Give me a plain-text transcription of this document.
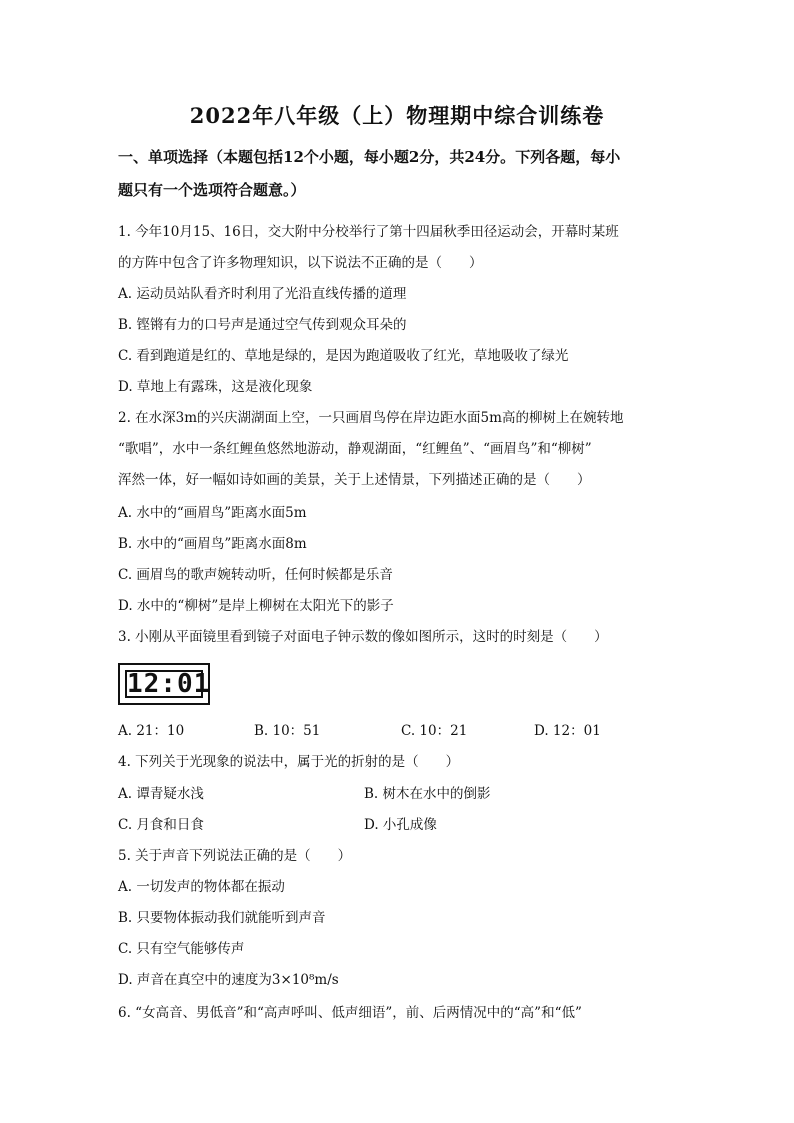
2022年八年级（上）物理期中综合训练卷
一、单项选择（本题包括12个小题，每小题2分，共24分。下列各题，每小
题只有一个选项符合题意。）
1. 今年10月15、16日，交大附中分校举行了第十四届秋季田径运动会，开幕时某班
的方阵中包含了许多物理知识，以下说法不正确的是（　　）
A. 运动员站队看齐时利用了光沿直线传播的道理
B. 铿锵有力的口号声是通过空气传到观众耳朵的
C. 看到跑道是红的、草地是绿的，是因为跑道吸收了红光，草地吸收了绿光
D. 草地上有露珠，这是液化现象
2. 在水深3m的兴庆湖湖面上空，一只画眉鸟停在岸边距水面5m高的柳树上在婉转地
“歌唱”，水中一条红鲤鱼悠然地游动，静观湖面，“红鲤鱼”、“画眉鸟”和“柳树”
浑然一体，好一幅如诗如画的美景，关于上述情景，下列描述正确的是（　　）
A. 水中的“画眉鸟”距离水面5m
B. 水中的“画眉鸟”距离水面8m
C. 画眉鸟的歌声婉转动听，任何时候都是乐音
D. 水中的“柳树”是岸上柳树在太阳光下的影子
3. 小刚从平面镜里看到镜子对面电子钟示数的像如图所示，这时的时刻是（　　）
12:01
A. 21：10	B. 10：51	C. 10：21	D. 12：01
4. 下列关于光现象的说法中，属于光的折射的是（　　）
A. 谭青疑水浅	B. 树木在水中的倒影
C. 月食和日食	D. 小孔成像
5. 关于声音下列说法正确的是（　　）
A. 一切发声的物体都在振动
B. 只要物体振动我们就能听到声音
C. 只有空气能够传声
D. 声音在真空中的速度为3×10⁸m/s
6. “女高音、男低音”和“高声呼叫、低声细语”，前、后两情况中的“高”和“低”
